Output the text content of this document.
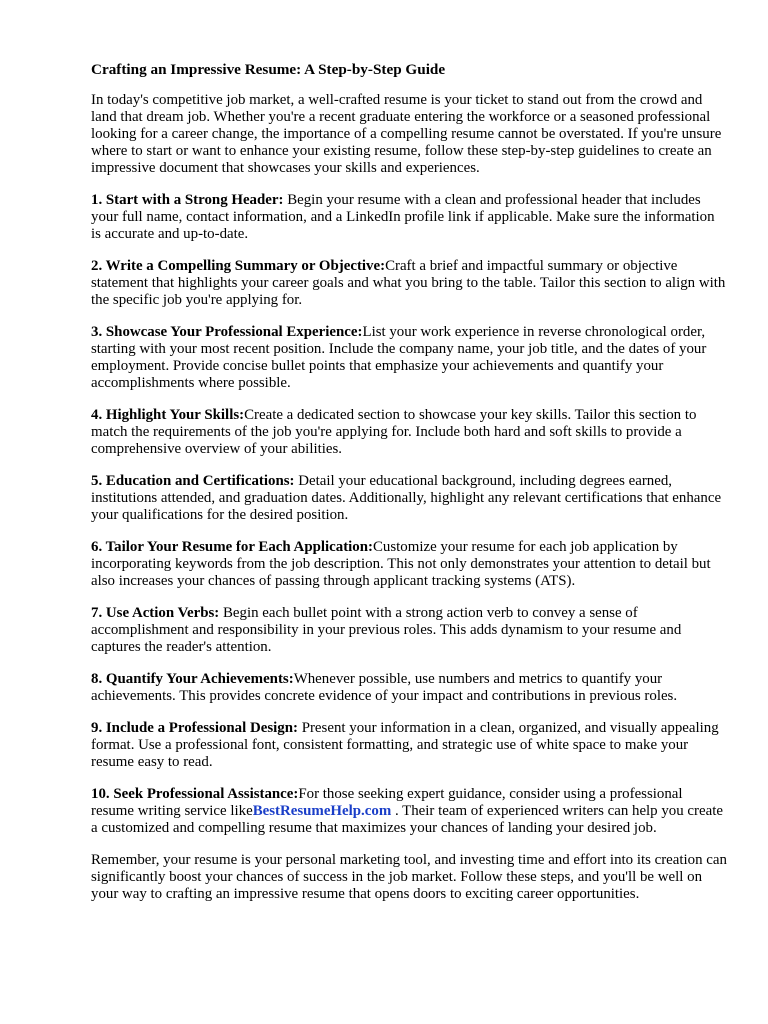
Crafting an Impressive Resume: A Step-by-Step Guide

In today's competitive job market, a well-crafted resume is your ticket to stand out from the crowd and land that dream job. Whether you're a recent graduate entering the workforce or a seasoned professional looking for a career change, the importance of a compelling resume cannot be overstated. If you're unsure where to start or want to enhance your existing resume, follow these step-by-step guidelines to create an impressive document that showcases your skills and experiences.

1. Start with a Strong Header: Begin your resume with a clean and professional header that includes your full name, contact information, and a LinkedIn profile link if applicable. Make sure the information is accurate and up-to-date.

2. Write a Compelling Summary or Objective:Craft a brief and impactful summary or objective statement that highlights your career goals and what you bring to the table. Tailor this section to align with the specific job you're applying for.

3. Showcase Your Professional Experience:List your work experience in reverse chronological order, starting with your most recent position. Include the company name, your job title, and the dates of your employment. Provide concise bullet points that emphasize your achievements and quantify your accomplishments where possible.

4. Highlight Your Skills:Create a dedicated section to showcase your key skills. Tailor this section to match the requirements of the job you're applying for. Include both hard and soft skills to provide a comprehensive overview of your abilities.

5. Education and Certifications: Detail your educational background, including degrees earned, institutions attended, and graduation dates. Additionally, highlight any relevant certifications that enhance your qualifications for the desired position.

6. Tailor Your Resume for Each Application:Customize your resume for each job application by incorporating keywords from the job description. This not only demonstrates your attention to detail but also increases your chances of passing through applicant tracking systems (ATS).

7. Use Action Verbs: Begin each bullet point with a strong action verb to convey a sense of accomplishment and responsibility in your previous roles. This adds dynamism to your resume and captures the reader's attention.

8. Quantify Your Achievements:Whenever possible, use numbers and metrics to quantify your achievements. This provides concrete evidence of your impact and contributions in previous roles.

9. Include a Professional Design: Present your information in a clean, organized, and visually appealing format. Use a professional font, consistent formatting, and strategic use of white space to make your resume easy to read.

10. Seek Professional Assistance:For those seeking expert guidance, consider using a professional resume writing service likeBestResumeHelp.com . Their team of experienced writers can help you create a customized and compelling resume that maximizes your chances of landing your desired job.

Remember, your resume is your personal marketing tool, and investing time and effort into its creation can significantly boost your chances of success in the job market. Follow these steps, and you'll be well on your way to crafting an impressive resume that opens doors to exciting career opportunities.
